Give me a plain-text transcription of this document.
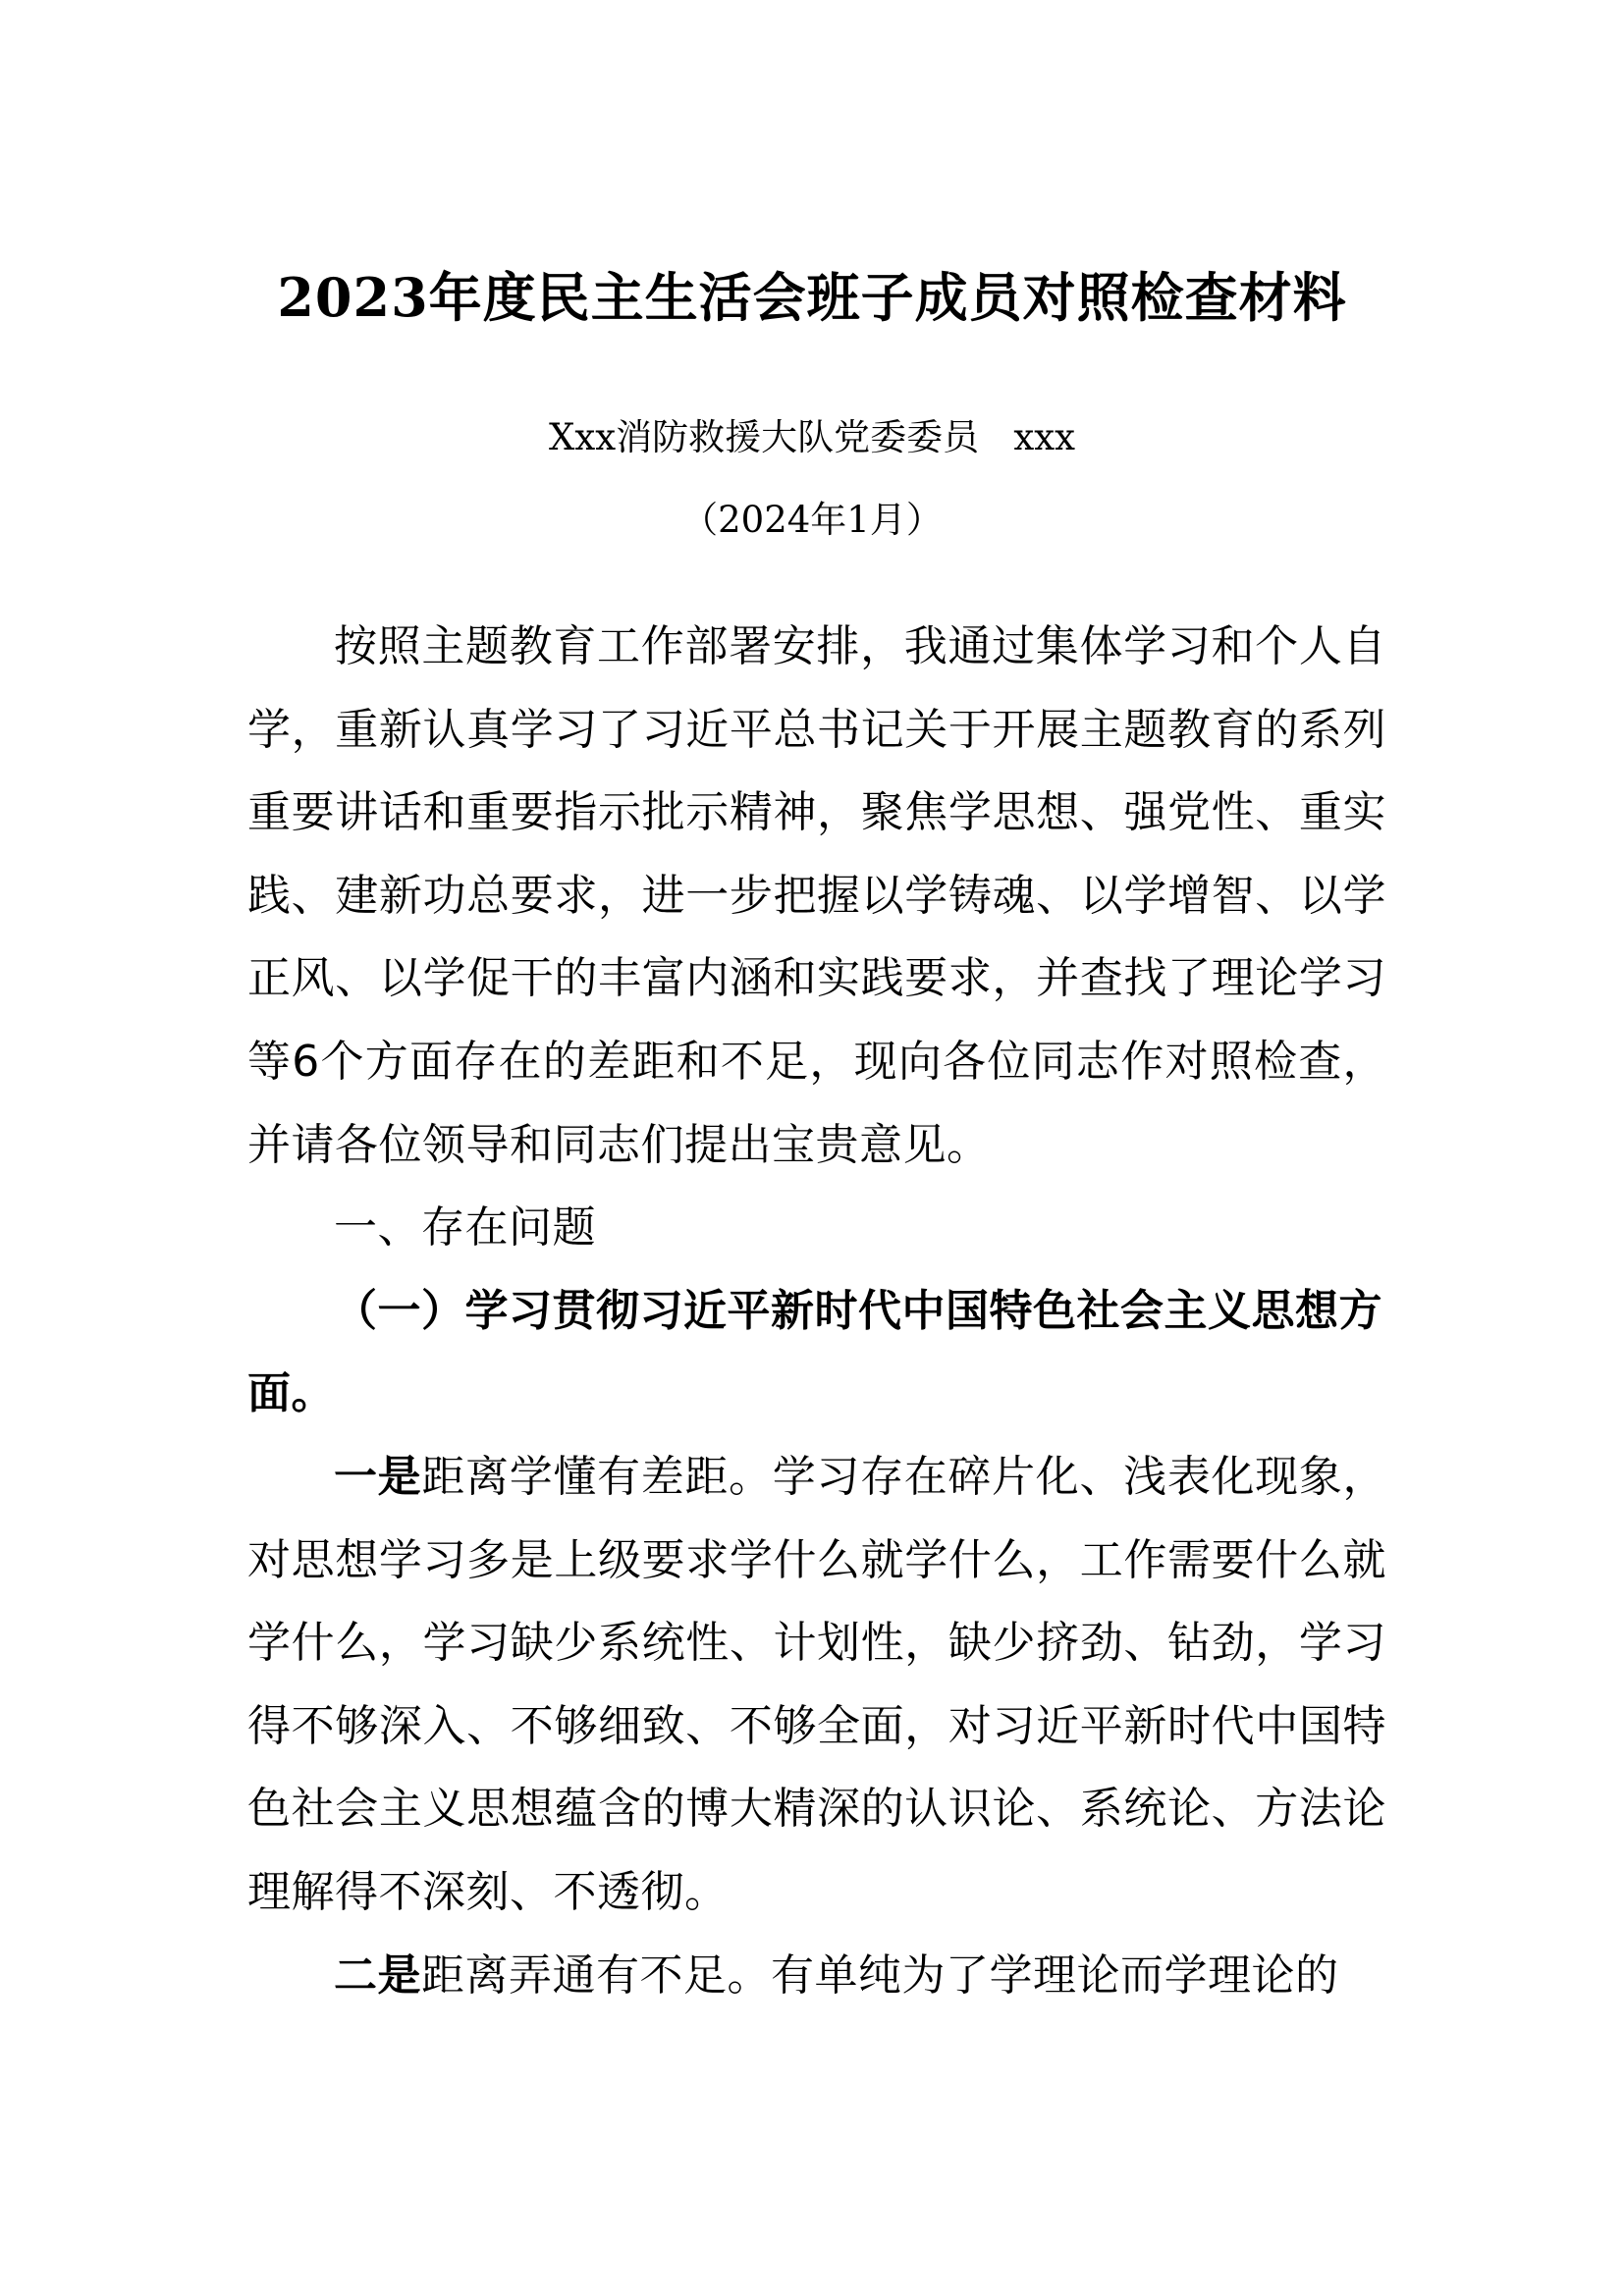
2023年度民主生活会班子成员对照检查材料
Xxx消防救援大队党委委员   xxx
（2024年1月）

按照主题教育工作部署安排，我通过集体学习和个人自学，重新认真学习了习近平总书记关于开展主题教育的系列重要讲话和重要指示批示精神，聚焦学思想、强党性、重实践、建新功总要求，进一步把握以学铸魂、以学增智、以学正风、以学促干的丰富内涵和实践要求，并查找了理论学习等6个方面存在的差距和不足，现向各位同志作对照检查，并请各位领导和同志们提出宝贵意见。

一、存在问题

（一）学习贯彻习近平新时代中国特色社会主义思想方面。

一是距离学懂有差距。学习存在碎片化、浅表化现象，对思想学习多是上级要求学什么就学什么，工作需要什么就学什么，学习缺少系统性、计划性，缺少挤劲、钻劲，学习得不够深入、不够细致、不够全面，对习近平新时代中国特色社会主义思想蕴含的博大精深的认识论、系统论、方法论理解得不深刻、不透彻。

二是距离弄通有不足。有单纯为了学理论而学理论的
